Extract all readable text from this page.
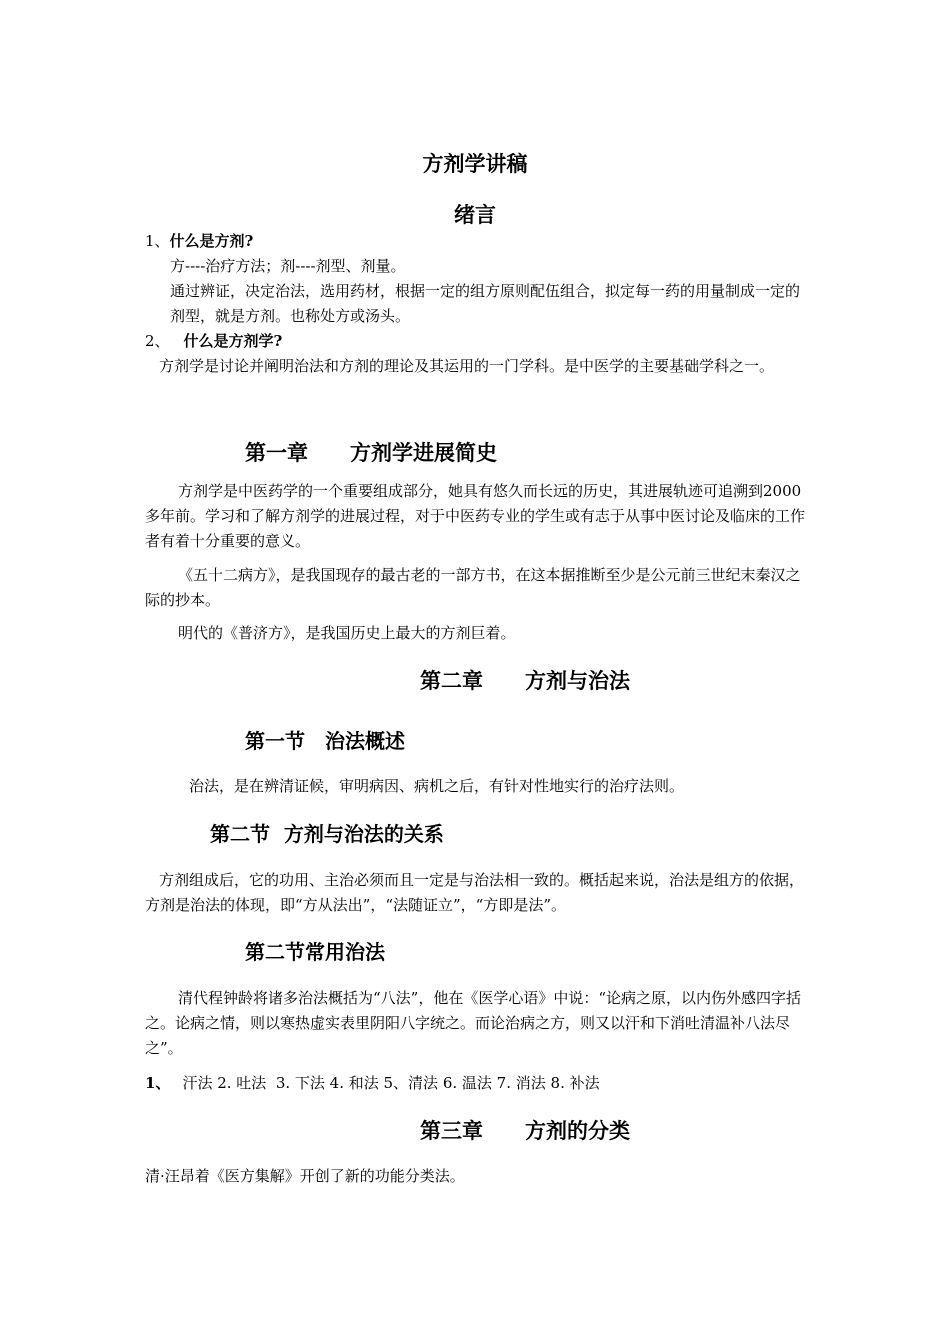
方剂学讲稿
绪言
1、什么是方剂?
方----治疗方法；剂----剂型、剂量。
通过辨证，决定治法，选用药材，根据一定的组方原则配伍组合，拟定每一药的用量制成一定的剂型，就是方剂。也称处方或汤头。
2、 什么是方剂学?
方剂学是讨论并阐明治法和方剂的理论及其运用的一门学科。是中医学的主要基础学科之一。
第一章　　方剂学进展简史
方剂学是中医药学的一个重要组成部分，她具有悠久而长远的历史，其进展轨迹可追溯到2000多年前。学习和了解方剂学的进展过程，对于中医药专业的学生或有志于从事中医讨论及临床的工作者有着十分重要的意义。
《五十二病方》，是我国现存的最古老的一部方书，在这本据推断至少是公元前三世纪末秦汉之际的抄本。
明代的《普济方》，是我国历史上最大的方剂巨着。
第二章　　方剂与治法
第一节　治法概述
治法，是在辨清证候，审明病因、病机之后，有针对性地实行的治疗法则。
第二节  方剂与治法的关系
方剂组成后，它的功用、主治必须而且一定是与治法相一致的。概括起来说，治法是组方的依据，方剂是治法的体现，即“方从法出”，“法随证立”，“方即是法”。
第二节常用治法
清代程钟龄将诸多治法概括为“八法”，他在《医学心语》中说：“论病之原，以内伤外感四字括之。论病之情，则以寒热虚实表里阴阳八字统之。而论治病之方，则又以汗和下消吐清温补八法尽之”。
1、 汗法 2. 吐法  3. 下法 4. 和法 5、清法 6. 温法 7. 消法 8. 补法
第三章　　方剂的分类
清·汪昂着《医方集解》开创了新的功能分类法。
